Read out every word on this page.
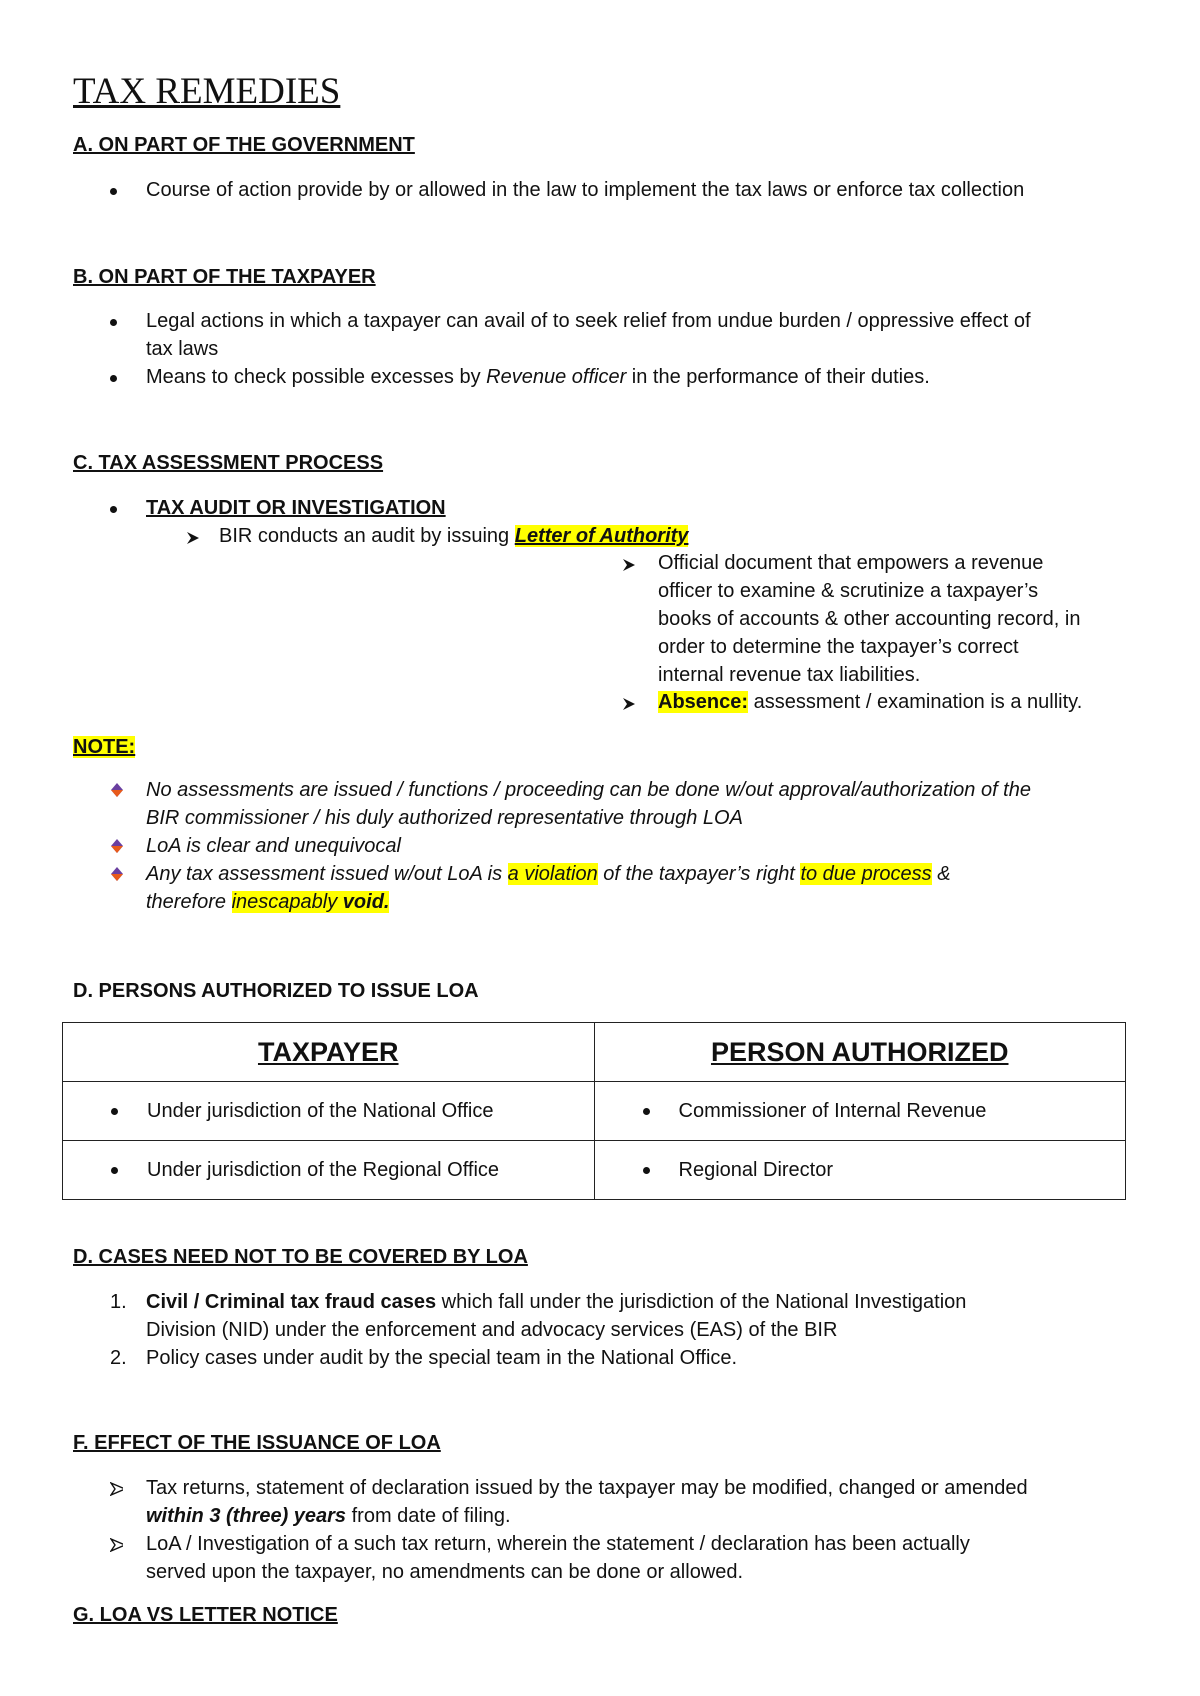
TAX REMEDIES
A. ON PART OF THE GOVERNMENT
Course of action provide by or allowed in the law to implement the tax laws or enforce tax collection
B. ON PART OF THE TAXPAYER
Legal actions in which a taxpayer can avail of to seek relief from undue burden / oppressive effect of
tax laws
Means to check possible excesses by Revenue officer in the performance of their duties.
C. TAX ASSESSMENT PROCESS
TAX AUDIT OR INVESTIGATION
BIR conducts an audit by issuing Letter of Authority
Official document that empowers a revenue
officer to examine & scrutinize a taxpayer’s
books of accounts & other accounting record, in
order to determine the taxpayer’s correct
internal revenue tax liabilities.
Absence: assessment / examination is a nullity.
NOTE:
No assessments are issued / functions / proceeding can be done w/out approval/authorization of the
BIR commissioner / his duly authorized representative through LOA
LoA is clear and unequivocal
Any tax assessment issued w/out LoA is a violation of the taxpayer’s right to due process &
therefore inescapably void.
D. PERSONS AUTHORIZED TO ISSUE LOA
TAXPAYER	PERSON AUTHORIZED

Under jurisdiction of the National Office	Commissioner of Internal Revenue

Under jurisdiction of the Regional Office	Regional Director
D. CASES NEED NOT TO BE COVERED BY LOA
1. Civil / Criminal tax fraud cases which fall under the jurisdiction of the National Investigation
Division (NID) under the enforcement and advocacy services (EAS) of the BIR
2. Policy cases under audit by the special team in the National Office.
F. EFFECT OF THE ISSUANCE OF LOA
Tax returns, statement of declaration issued by the taxpayer may be modified, changed or amended
within 3 (three) years from date of filing.
LoA / Investigation of a such tax return, wherein the statement / declaration has been actually
served upon the taxpayer, no amendments can be done or allowed.
G. LOA VS LETTER NOTICE
